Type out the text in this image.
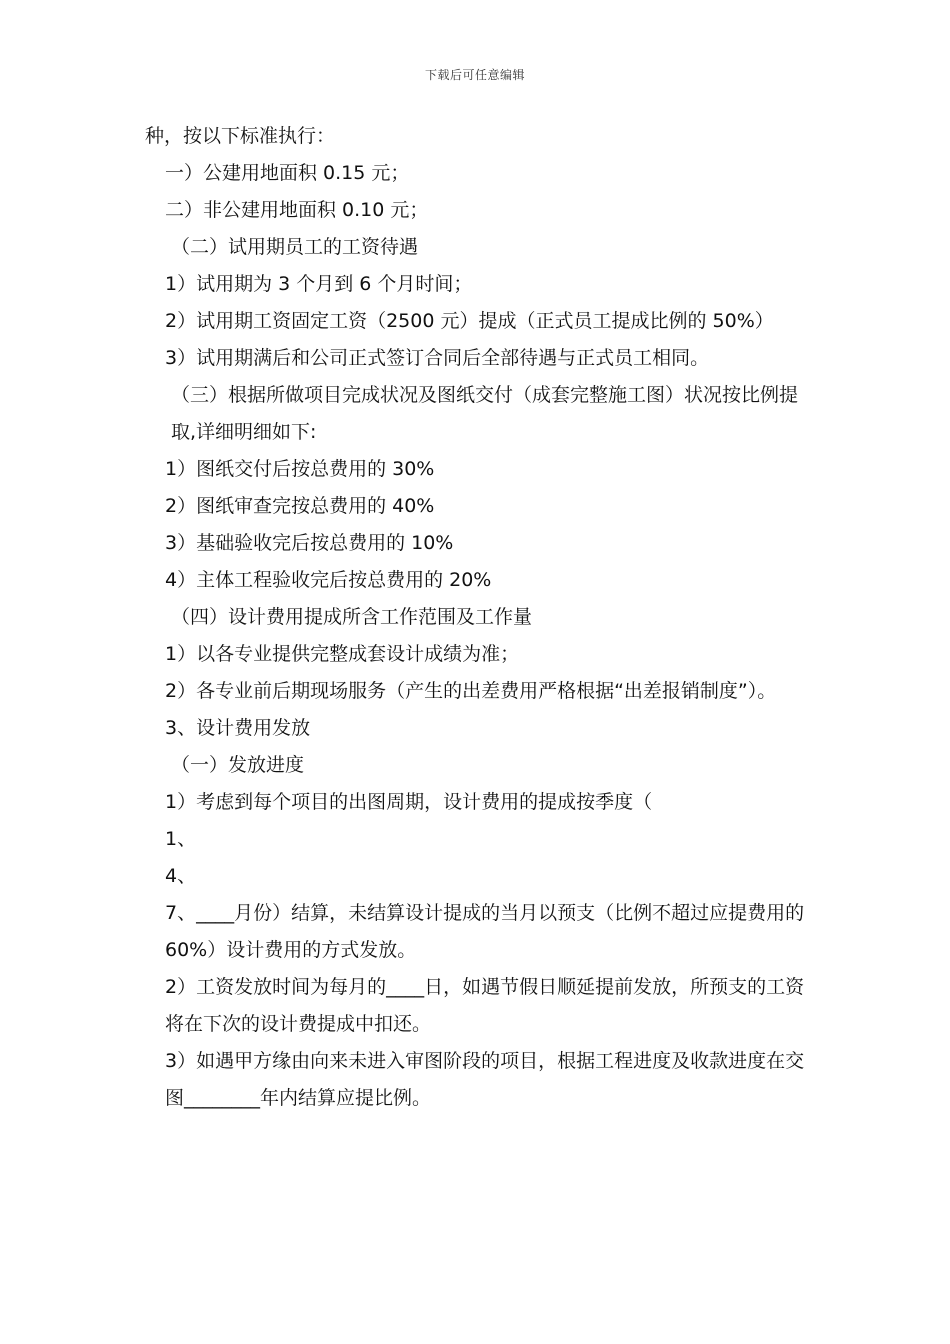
下载后可任意编辑

种，按以下标准执行：

一）公建用地面积 0.15 元；

二）非公建用地面积 0.10 元；

（二）试用期员工的工资待遇

1）试用期为 3 个月到 6 个月时间；

2）试用期工资固定工资（2500 元）提成（正式员工提成比例的 50%）

3）试用期满后和公司正式签订合同后全部待遇与正式员工相同。

（三）根据所做项目完成状况及图纸交付（成套完整施工图）状况按比例提取,详细明细如下:

1）图纸交付后按总费用的 30%

2）图纸审查完按总费用的 40%

3）基础验收完后按总费用的 10%

4）主体工程验收完后按总费用的 20%

（四）设计费用提成所含工作范围及工作量

1）以各专业提供完整成套设计成绩为准；

2）各专业前后期现场服务（产生的出差费用严格根据“出差报销制度”）。

3、设计费用发放

（一）发放进度

1）考虑到每个项目的出图周期，设计费用的提成按季度（

1、

4、

7、____月份）结算，未结算设计提成的当月以预支（比例不超过应提费用的 60%）设计费用的方式发放。

2）工资发放时间为每月的____日，如遇节假日顺延提前发放，所预支的工资将在下次的设计费提成中扣还。

3）如遇甲方缘由向来未进入审图阶段的项目，根据工程进度及收款进度在交图________年内结算应提比例。
